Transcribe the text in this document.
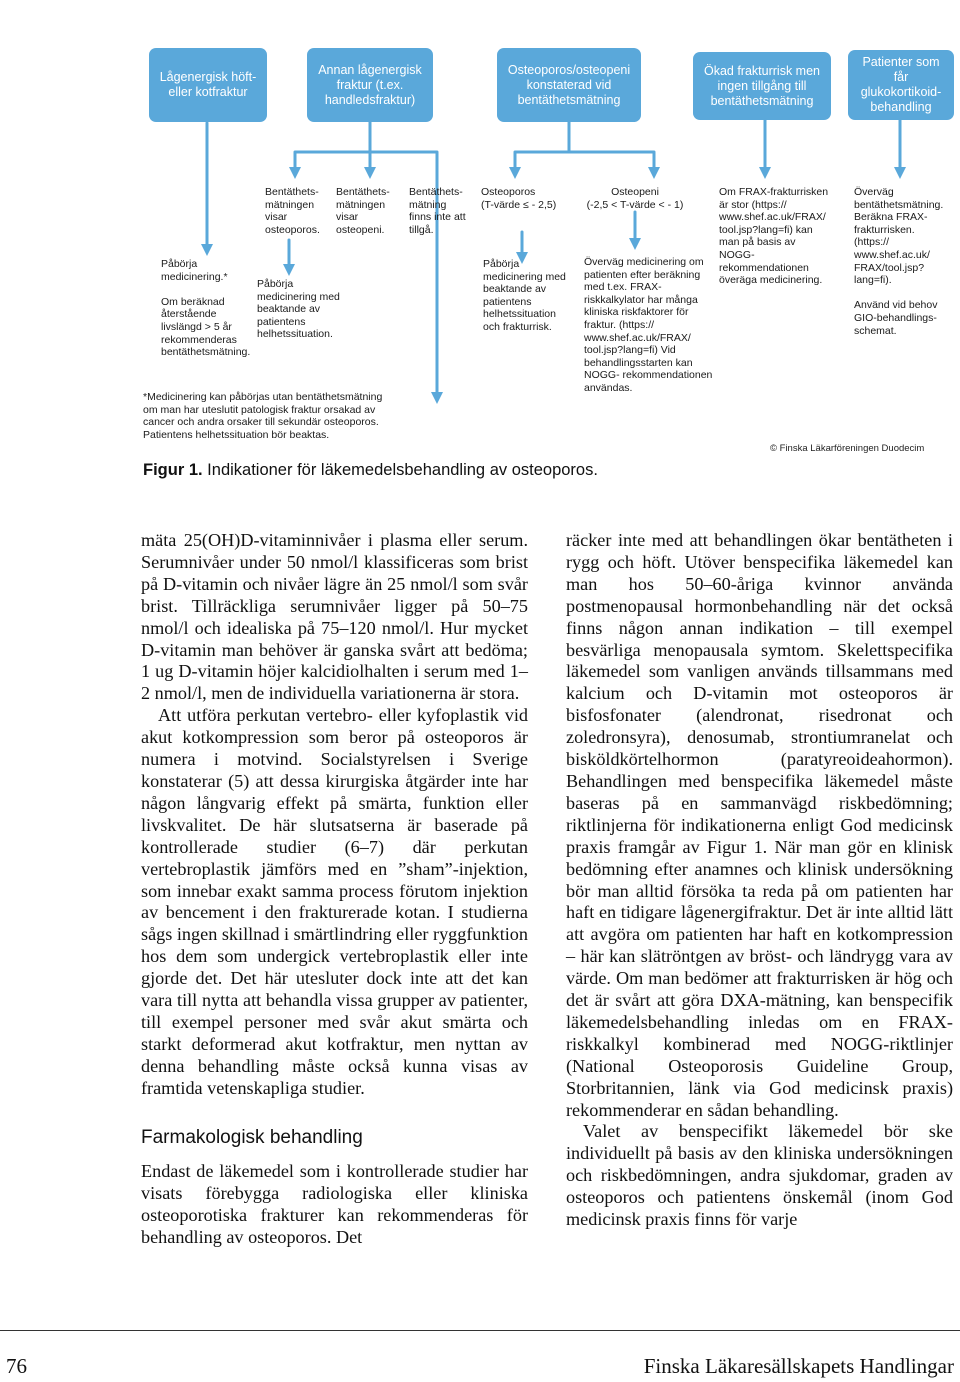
Lågenergisk höft- eller kotfraktur
Annan lågenergisk fraktur (t.ex. handledsfraktur)
Osteoporos/osteopeni konstaterad vid bentäthetsmätning
Ökad frakturrisk men ingen tillgång till bentäthetsmätning
Patienter som får glukokortikoid-behandling
Påbörja medicinering.*

Om beräknad återstående livslängd > 5 år rekommenderas bentäthetsmätning.
Bentäthets-
mätningen
visar
osteoporos.
Bentäthets-
mätningen
visar
osteopeni.
Bentäthets-
mätning
finns inte att
tillgå.
Påbörja
medicinering med
beaktande av
patientens
helhetssituation.
Osteoporos
(T-värde ≤ - 2,5)
Påbörja
medicinering med
beaktande av
patientens
helhetssituation
och frakturrisk.
Osteopeni
(-2,5 < T-värde < - 1)
Överväg medicinering om
patienten efter beräkning
med t.ex. FRAX-
riskkalkylator har många
kliniska riskfaktorer för
fraktur. (https://
www.shef.ac.uk/FRAX/
tool.jsp?lang=fi) Vid
behandlingsstarten kan
NOGG- rekommendationen
användas.
Om FRAX-frakturrisken
är stor (https://
www.shef.ac.uk/FRAX/
tool.jsp?lang=fi) kan
man på basis av
NOGG-
rekommendationen
överäga medicinering.
Överväg
bentäthetsmätning.
Beräkna FRAX-
frakturrisken.
(https://
www.shef.ac.uk/
FRAX/tool.jsp?
lang=fi).

Använd vid behov
GIO-behandlings-
schemat.
*Medicinering kan påbörjas utan bentäthetsmätning
om man har uteslutit patologisk fraktur orsakad av
cancer och andra orsaker till sekundär osteoporos.
Patientens helhetssituation bör beaktas.
© Finska Läkarföreningen Duodecim
Figur 1. Indikationer för läkemedelsbehandling av osteoporos.

mäta 25(OH)D-vitaminnivåer i plasma eller serum. Serumnivåer under 50 nmol/l klassificeras som brist på D-vitamin och nivåer lägre än 25 nmol/l som svår brist. Tillräckliga serumnivåer ligger på 50–75 nmol/l och idealiska på 75–120 nmol/l. Hur mycket D-vitamin man behöver är ganska svårt att bedöma; 1 ug D-vitamin höjer kalcidiolhalten i serum med 1–2 nmol/l, men de individuella variationerna är stora.

Att utföra perkutan vertebro- eller kyfoplastik vid akut kotkompression som beror på osteoporos är numera i motvind. Socialstyrelsen i Sverige konstaterar (5) att dessa kirurgiska åtgärder inte har någon långvarig effekt på smärta, funktion eller livskvalitet. De här slutsatserna är baserade på kontrollerade studier (6–7) där perkutan vertebroplastik jämförs med en ”sham”-injektion, som innebar exakt samma process förutom injektion av bencement i den frakturerade kotan. I studierna sågs ingen skillnad i smärtlindring eller ryggfunktion hos dem som undergick vertebroplastik eller inte gjorde det. Det här utesluter dock inte att det kan vara till nytta att behandla vissa grupper av patienter, till exempel personer med svår akut smärta och starkt deformerad akut kotfraktur, men nyttan av denna behandling måste också kunna visas av framtida vetenskapliga studier.

Farmakologisk behandling

Endast de läkemedel som i kontrollerade studier har visats förebygga radiologiska eller kliniska osteoporotiska frakturer kan rekommenderas för behandling av osteoporos. Det

räcker inte med att behandlingen ökar bentätheten i rygg och höft. Utöver benspecifika läkemedel kan man hos 50–60-åriga kvinnor använda postmenopausal hormonbehandling när det också finns någon annan indikation – till exempel besvärliga menopausala symtom. Skelettspecifika läkemedel som vanligen används tillsammans med kalcium och D-vitamin mot osteoporos är bisfosfonater (alendronat, risedronat och zoledronsyra), denosumab, strontiumranelat och bisköldkörtelhormon (paratyreoideahormon). Behandlingen med benspecifika läkemedel måste baseras på en sammanvägd riskbedömning; riktlinjerna för indikationerna enligt God medicinsk praxis framgår av Figur 1. När man gör en klinisk bedömning efter anamnes och klinisk undersökning bör man alltid försöka ta reda på om patienten har haft en tidigare lågenergifraktur. Det är inte alltid lätt att avgöra om patienten har haft en kotkompression – här kan slätröntgen av bröst- och ländrygg vara av värde. Om man bedömer att frakturrisken är hög och det är svårt att göra DXA-mätning, kan benspecifik läkemedelsbehandling inledas om en FRAX-riskkalkyl kombinerad med NOGG-riktlinjer (National Osteoporosis Guideline Group, Storbritannien, länk via God medicinsk praxis) rekommenderar en sådan behandling.

Valet av benspecifikt läkemedel bör ske individuellt på basis av den kliniska undersökningen och riskbedömningen, andra sjukdomar, graden av osteoporos och patientens önskemål (inom God medicinsk praxis finns för varje

76	Finska Läkaresällskapets Handlingar
